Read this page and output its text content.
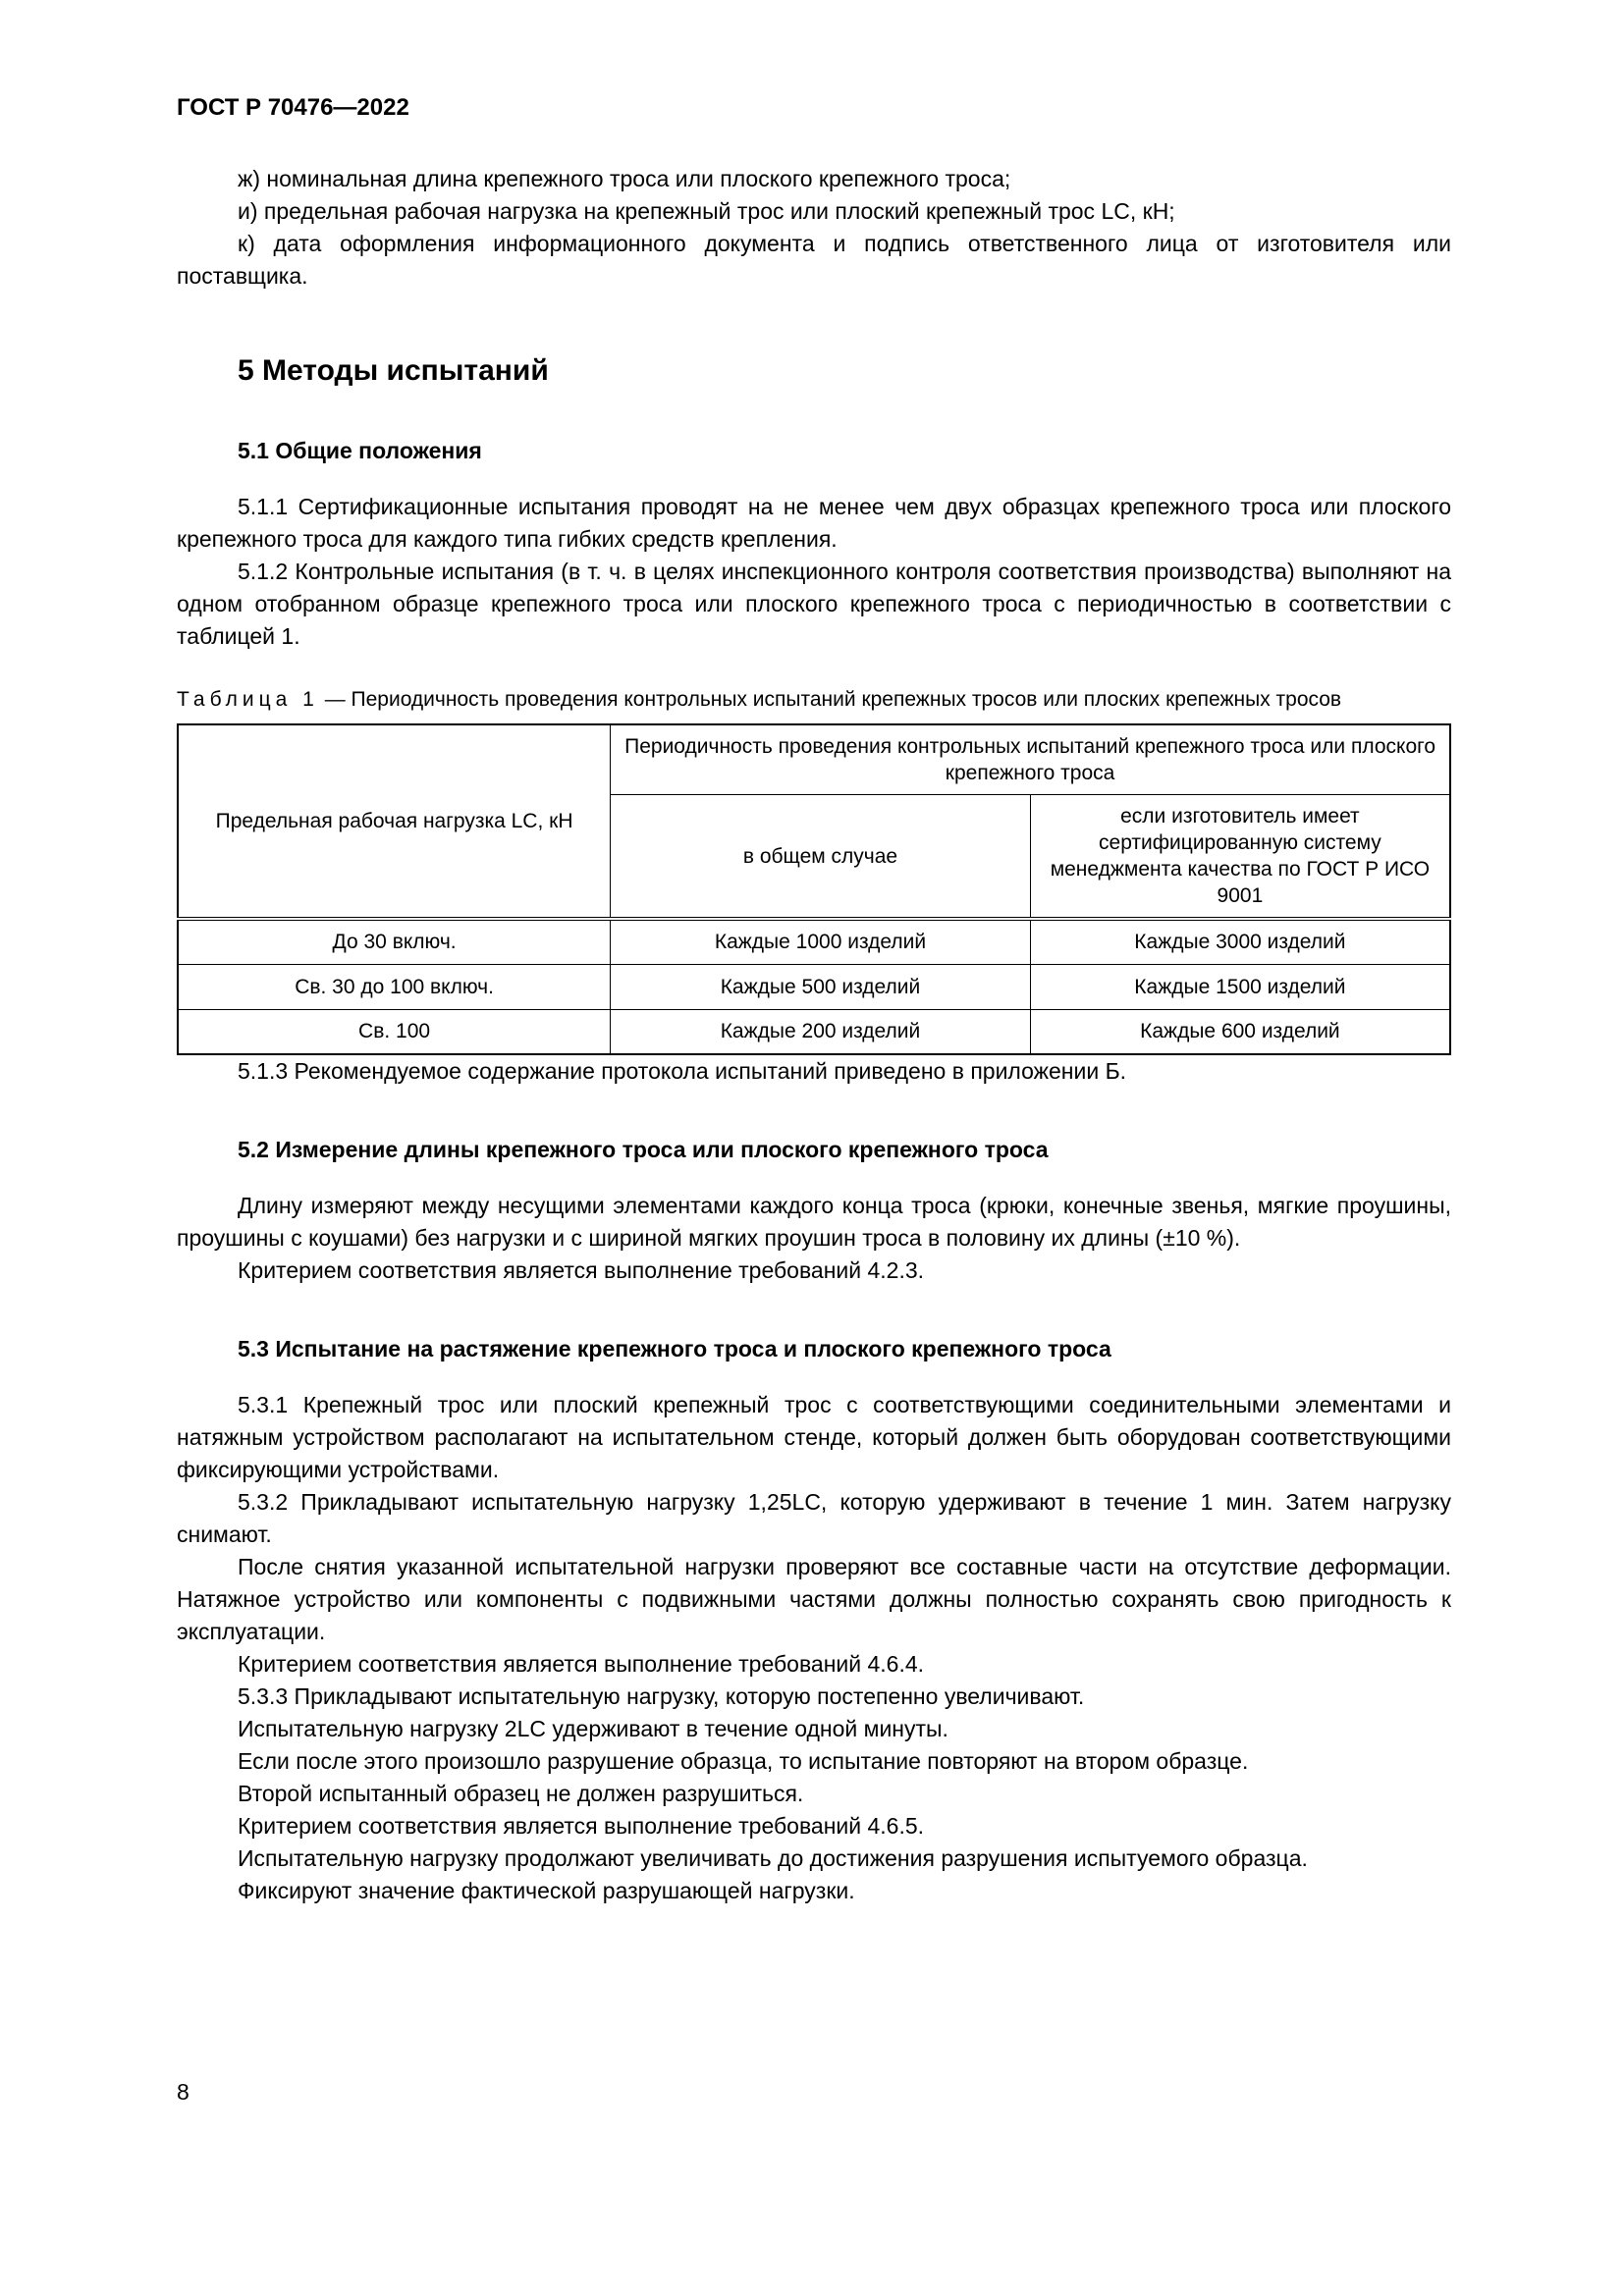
ГОСТ Р 70476—2022

ж) номинальная длина крепежного троса или плоского крепежного троса;

и) предельная рабочая нагрузка на крепежный трос или плоский крепежный трос LC, кН;

к) дата оформления информационного документа и подпись ответственного лица от изготовителя или поставщика.

5 Методы испытаний
5.1 Общие положения

5.1.1 Сертификационные испытания проводят на не менее чем двух образцах крепежного троса или плоского крепежного троса для каждого типа гибких средств крепления.

5.1.2 Контрольные испытания (в т. ч. в целях инспекционного контроля соответствия производства) выполняют на одном отобранном образце крепежного троса или плоского крепежного троса с периодичностью в соответствии с таблицей 1.

Таблица 1 — Периодичность проведения контрольных испытаний крепежных тросов или плоских крепежных тросов

Предельная рабочая нагрузка LC, кН	Периодичность проведения контрольных испытаний крепежного троса или плоского крепежного троса	
	в общем случае	если изготовитель имеет сертифицированную систему менеджмента качества по ГОСТ Р ИСО 9001
До 30 включ.	Каждые 1000 изделий	Каждые 3000 изделий
Св. 30 до 100 включ.	Каждые 500 изделий	Каждые 1500 изделий
Св. 100	Каждые 200 изделий	Каждые 600 изделий

5.1.3 Рекомендуемое содержание протокола испытаний приведено в приложении Б.

5.2 Измерение длины крепежного троса или плоского крепежного троса

Длину измеряют между несущими элементами каждого конца троса (крюки, конечные звенья, мягкие проушины, проушины с коушами) без нагрузки и с шириной мягких проушин троса в половину их длины (±10 %).

Критерием соответствия является выполнение требований 4.2.3.

5.3 Испытание на растяжение крепежного троса и плоского крепежного троса

5.3.1 Крепежный трос или плоский крепежный трос с соответствующими соединительными элементами и натяжным устройством располагают на испытательном стенде, который должен быть оборудован соответствующими фиксирующими устройствами.

5.3.2 Прикладывают испытательную нагрузку 1,25LC, которую удерживают в течение 1 мин. Затем нагрузку снимают.

После снятия указанной испытательной нагрузки проверяют все составные части на отсутствие деформации. Натяжное устройство или компоненты с подвижными частями должны полностью сохранять свою пригодность к эксплуатации.

Критерием соответствия является выполнение требований 4.6.4.

5.3.3 Прикладывают испытательную нагрузку, которую постепенно увеличивают.

Испытательную нагрузку 2LC удерживают в течение одной минуты.

Если после этого произошло разрушение образца, то испытание повторяют на втором образце.

Второй испытанный образец не должен разрушиться.

Критерием соответствия является выполнение требований 4.6.5.

Испытательную нагрузку продолжают увеличивать до достижения разрушения испытуемого образца.

Фиксируют значение фактической разрушающей нагрузки.

8
